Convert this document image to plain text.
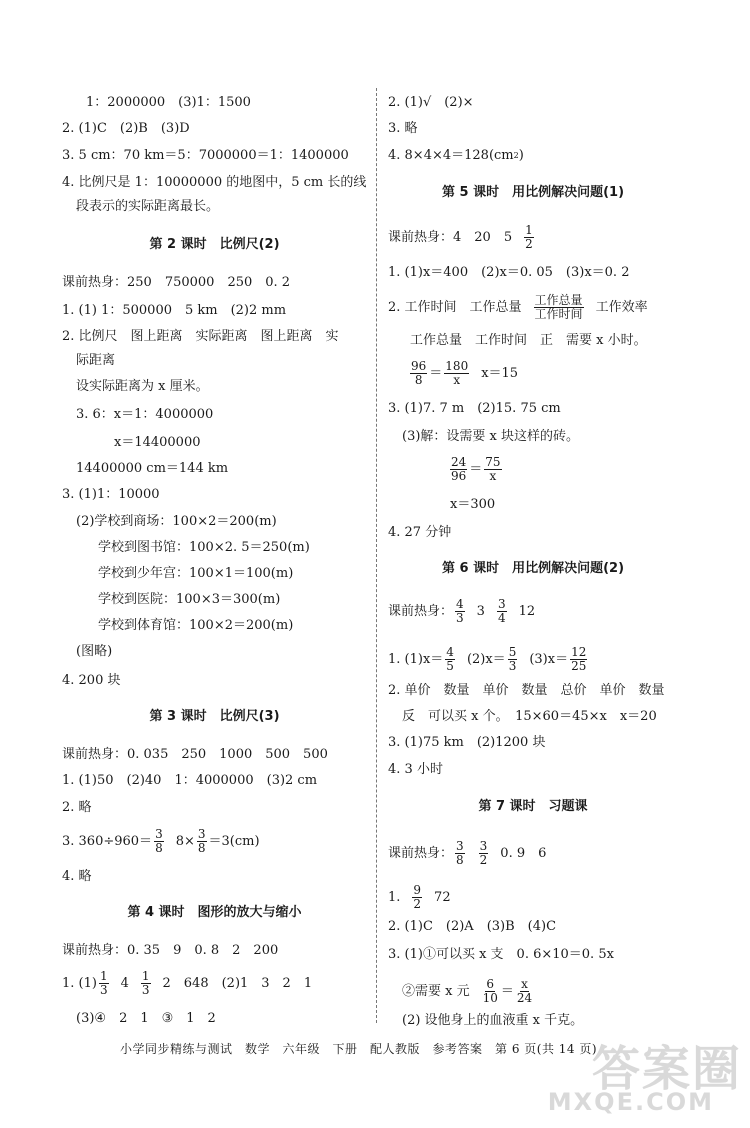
1：2000000　(3)1：1500
2. (1)C　(2)B　(3)D
3. 5 cm：70 km＝5：7000000＝1：1400000
4. 比例尺是 1：10000000 的地图中，5 cm 长的线
段表示的实际距离最长。
第 2 课时　比例尺(2)
课前热身：250　750000　250　0. 2
1. (1) 1：500000　5 km　(2)2 mm
2. 比例尺　图上距离　实际距离　图上距离　实
际距离
设实际距离为 x 厘米。
3. 6：x＝1：4000000
x＝14400000
14400000 cm＝144 km
3. (1)1：10000
(2)学校到商场：100×2＝200(m)
学校到图书馆：100×2. 5＝250(m)
学校到少年宫：100×1＝100(m)
学校到医院：100×3＝300(m)
学校到体育馆：100×2＝200(m)
(图略)
4. 200 块
第 3 课时　比例尺(3)
课前热身：0. 035　250　1000　500　500
1. (1)50　(2)40　1：4000000　(3)2 cm
2. 略
3. $360\div 960= \frac{3}{8} 8\times \frac{3}{8} =3(cm)$
4. 略
第 4 课时　图形的放大与缩小
课前热身：0. 35　9　0. 8　2　200
1. $(1) \frac{1}{3} 4 \frac{1}{3} 2$　648　(2)1　3　2　1
(3)④　2　1　③　1　2
2. (1)√　(2)×
3. 略
4. 8×4×4＝128(cm 2 )
第 5 课时　用比例解决问题(1)
课前热身：4　20　$5 \frac{1}{2}$
1. (1)x＝400　(2)x＝0. 05　(3)x＝0. 2
2. 工作时间　工作总量 $\frac{\text{工作总量}}{\text{工作时间}}$ 工作效率
工作总量　工作时间　正　需要 x 小时。
$\frac{96}{8} = \frac{180}{x} x=15$
3. (1)7. 7 m　(2)15. 75 cm
(3)解：设需要 x 块这样的砖。
$\frac{24}{96} = \frac{75}{x}$
x＝300
4. 27 分钟
第 6 课时　用比例解决问题(2)
课前热身： $\frac{4}{3} 3 \frac{3}{4} 12$
1. $(1)x= \frac{4}{5} (2)x= \frac{5}{3} (3)x= \frac{12}{25}$
2. 单价　数量　单价　数量　总价　单价　数量
反　可以买 x 个。　15×60＝45×x　x＝20
3. (1)75 km　(2)1200 块
4. 3 小时
第 7 课时　习题课
课前热身： $\frac{3}{8} \frac{3}{2} 0$. 9　6
1. $\frac{9}{2} 72$
2. (1)C　(2)A　(3)B　(4)C
3. (1)①可以买 x 支　0. 6×10＝0. 5x
②需要 x 元 $\frac{6}{10} = \frac{x}{24}$
(2) 设他身上的血液重 x 千克。
小学同步精练与测试　数学　六年级　下册　配人教版　参考答案　第 6 页(共 14 页)
答案圈
MXQE.COM
